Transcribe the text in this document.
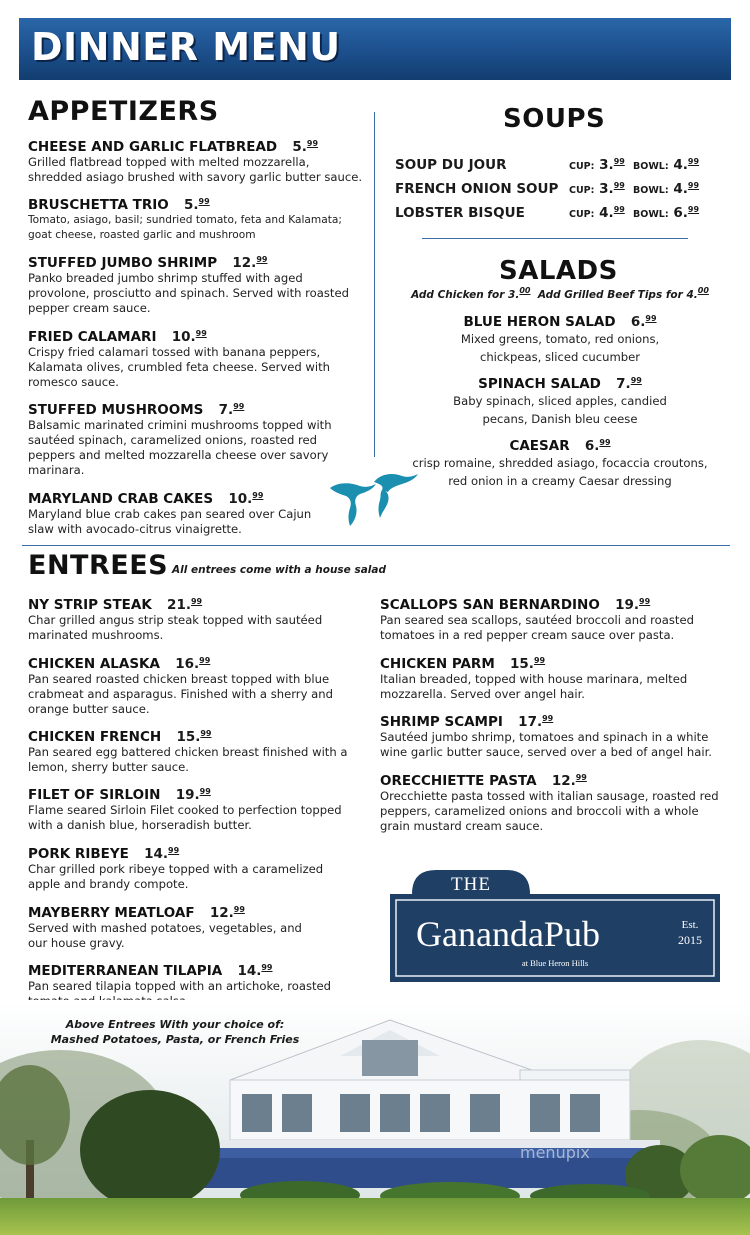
DINNER MENU
APPETIZERS
CHEESE AND GARLIC FLATBREAD 5.99
Grilled flatbread topped with melted mozzarella, shredded asiago brushed with savory garlic butter sauce.
BRUSCHETTA TRIO 5.99
Tomato, asiago, basil; sundried tomato, feta and Kalamata; goat cheese, roasted garlic and mushroom
STUFFED JUMBO SHRIMP 12.99
Panko breaded jumbo shrimp stuffed with aged provolone, prosciutto and spinach. Served with roasted pepper cream sauce.
FRIED CALAMARI 10.99
Crispy fried calamari tossed with banana peppers, Kalamata olives, crumbled feta cheese. Served with romesco sauce.
STUFFED MUSHROOMS 7.99
Balsamic marinated crimini mushrooms topped with sautéed spinach, caramelized onions, roasted red peppers and melted mozzarella cheese over savory marinara.
MARYLAND CRAB CAKES 10.99
Maryland blue crab cakes pan seared over Cajun slaw with avocado-citrus vinaigrette.
SOUPS
SOUP DU JOUR	CUP: 3.99 BOWL: 4.99
FRENCH ONION SOUP CUP: 3.99 BOWL: 4.99
LOBSTER BISQUE	CUP: 4.99 BOWL: 6.99
SALADS
Add Chicken for 3.00 Add Grilled Beef Tips for 4.00
BLUE HERON SALAD 6.99
Mixed greens, tomato, red onions, chickpeas, sliced cucumber
SPINACH SALAD 7.99
Baby spinach, sliced apples, candied pecans, Danish bleu ceese
CAESAR 6.99
crisp romaine, shredded asiago, focaccia croutons, red onion in a creamy Caesar dressing
ENTREES All entrees come with a house salad
NY STRIP STEAK 21.99
Char grilled angus strip steak topped with sautéed marinated mushrooms.
CHICKEN ALASKA 16.99
Pan seared roasted chicken breast topped with blue crabmeat and asparagus. Finished with a sherry and orange butter sauce.
CHICKEN FRENCH 15.99
Pan seared egg battered chicken breast finished with a lemon, sherry butter sauce.
FILET OF SIRLOIN 19.99
Flame seared Sirloin Filet cooked to perfection topped with a danish blue, horseradish butter.
PORK RIBEYE 14.99
Char grilled pork ribeye topped with a caramelized apple and brandy compote.
MAYBERRY MEATLOAF 12.99
Served with mashed potatoes, vegetables, and our house gravy.
MEDITERRANEAN TILAPIA 14.99
Pan seared tilapia topped with an artichoke, roasted
SCALLOPS SAN BERNARDINO 19.99
Pan seared sea scallops, sautéed broccoli and roasted tomatoes in a red pepper cream sauce over pasta.
CHICKEN PARM 15.99
Italian breaded, topped with house marinara, melted mozzarella. Served over angel hair.
SHRIMP SCAMPI 17.99
Sautéed jumbo shrimp, tomatoes and spinach in a white wine garlic butter sauce, served over a bed of angel hair.
ORECCHIETTE PASTA 12.99
Orecchiette pasta tossed with italian sausage, roasted red peppers, caramelized onions and broccoli with a whole grain mustard cream sauce.
THE
GanandaPub	Est.
2015
at Blue Heron Hills
menupix
Above Entrees With your choice of:
Mashed Potatoes, Pasta, or French Fries
